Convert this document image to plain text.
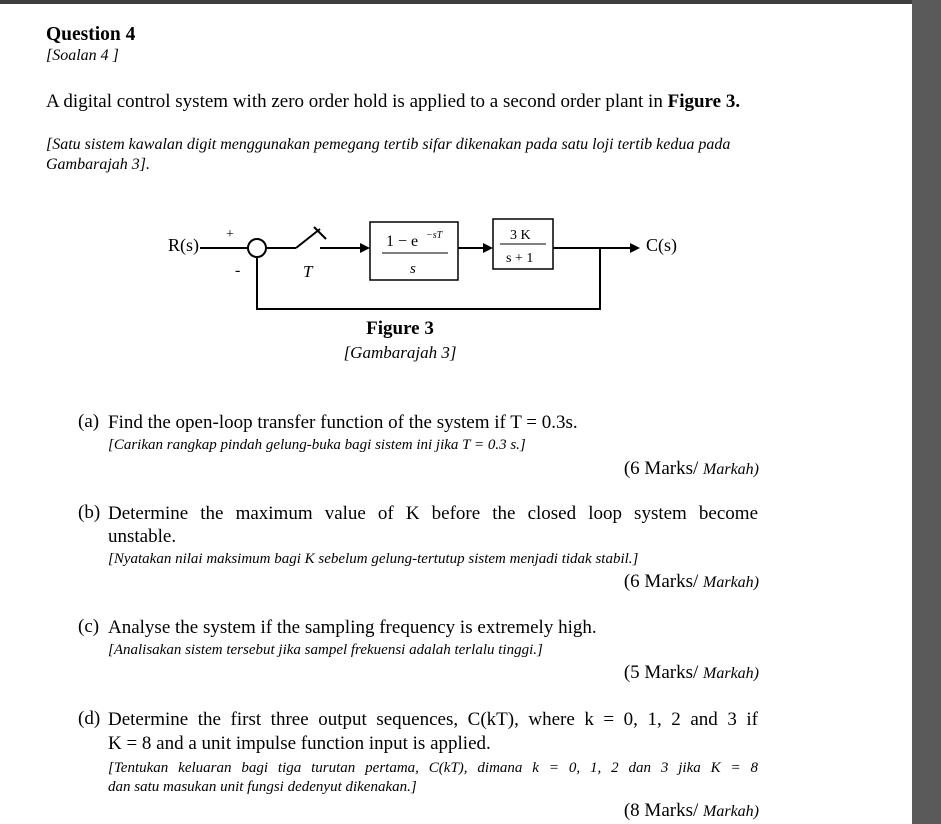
Question 4
[Soalan 4 ]
A digital control system with zero order hold is applied to a second order plant in Figure 3.
[Satu sistem kawalan digit menggunakan pemegang tertib sifar dikenakan pada satu loji tertib kedua pada Gambarajah 3].
R(s)
+
-	T
1 − e −sT
s
3 K
s + 1
C(s)
Figure 3
[Gambarajah 3]
(a) Find the open-loop transfer function of the system if T = 0.3s.
[Carikan rangkap pindah gelung-buka bagi sistem ini jika T = 0.3 s.]
(6 Marks/ Markah)
(b) Determine the maximum value of K before the closed loop system become
unstable.
[Nyatakan nilai maksimum bagi K sebelum gelung-tertutup sistem menjadi tidak stabil.]
(6 Marks/ Markah)
(c) Analyse the system if the sampling frequency is extremely high.
[Analisakan sistem tersebut jika sampel frekuensi adalah terlalu tinggi.]
(5 Marks/ Markah)
(d) Determine the first three output sequences, C(kT), where k = 0, 1, 2 and 3 if
K = 8 and a unit impulse function input is applied.
[Tentukan keluaran bagi tiga turutan pertama, C(kT), dimana k = 0, 1, 2 dan 3 jika K = 8
dan satu masukan unit fungsi dedenyut dikenakan.]
(8 Marks/ Markah)
